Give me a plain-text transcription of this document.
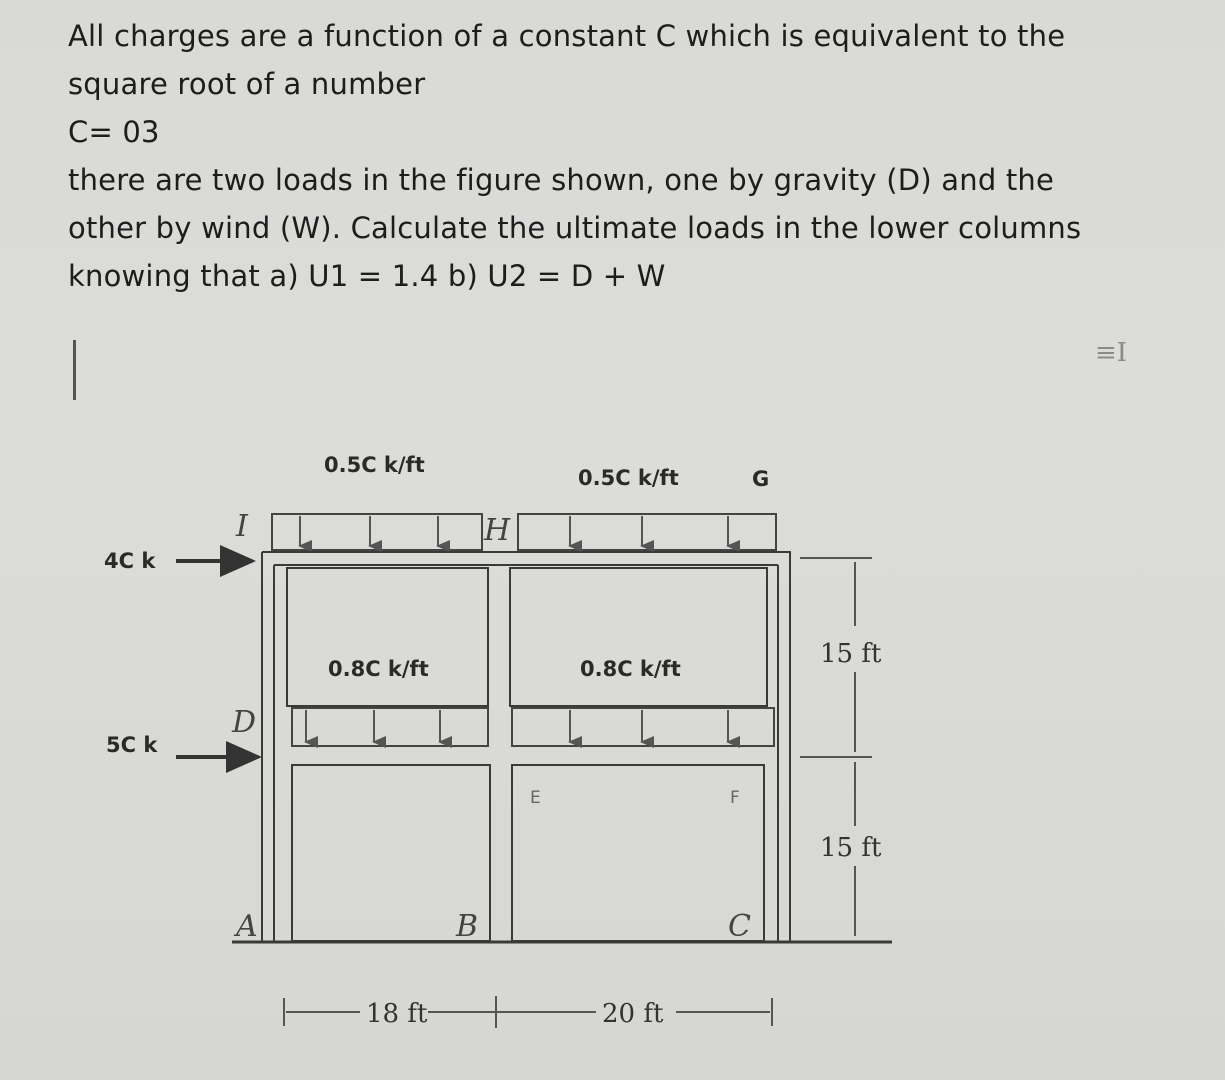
All charges are a function of a constant C which is equivalent to the
square root of a number
C= 03
there are two loads in the figure shown, one by gravity (D) and the
other by wind (W). Calculate the ultimate loads in the lower columns
knowing that a) U1 = 1.4 b) U2 = D + W
≡I
0.5C k/ft
0.5C k/ft	G
0.8C k/ft	0.8C k/ft
I	H
D
E	F
A	B	C
4C k
5C k
15 ft
15 ft
18 ft	20 ft
